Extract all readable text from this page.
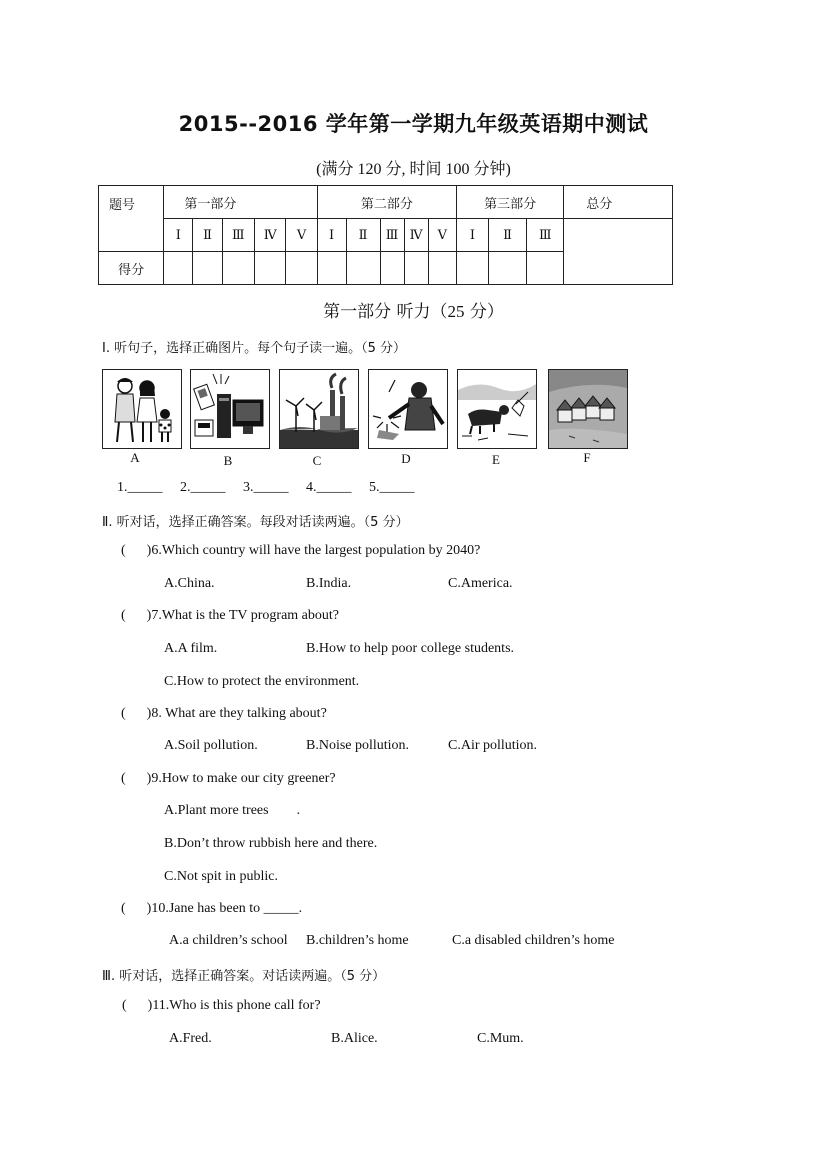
2015--2016 学年第一学期九年级英语期中测试
(满分 120 分, 时间 100 分钟)
题号	第一部分					第二部分					第三部分			总分
	Ⅰ	Ⅱ	Ⅲ	Ⅳ	Ⅴ	Ⅰ	Ⅱ	Ⅲ	Ⅳ	Ⅴ	Ⅰ	Ⅱ	Ⅲ	
得分														
第一部分 听力（25 分）
Ⅰ. 听句子，选择正确图片。每个句子读一遍。（5 分）
A	B	C	D	E	F
1._____     2._____     3._____     4._____     5._____
Ⅱ. 听对话，选择正确答案。每段对话读两遍。（5 分）
(      )6.Which country will have the largest population by 2040?
A.China.	B.India.	C.America.
(      )7.What is the TV program about?
A.A film.	B.How to help poor college students.
C.How to protect the environment.
(      )8. What are they talking about?
A.Soil pollution.	B.Noise pollution.	C.Air pollution.
(      )9.How to make our city greener?
A.Plant more trees        .
B.Don’t throw rubbish here and there.
C.Not spit in public.
(      )10.Jane has been to _____.
A.a children’s school B.children’s home	C.a disabled children’s home
Ⅲ. 听对话，选择正确答案。对话读两遍。（5 分）
(      )11.Who is this phone call for?
A.Fred.	B.Alice.	C.Mum.
